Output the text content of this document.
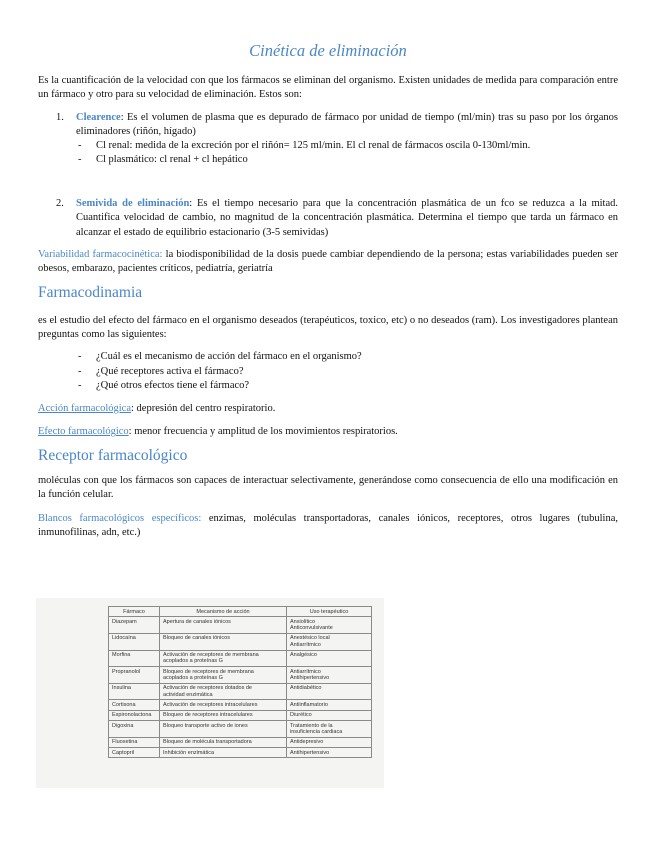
Cinética de eliminación

Es la cuantificación de la velocidad con que los fármacos se eliminan del organismo. Existen unidades de medida para comparación entre un fármaco y otro para su velocidad de eliminación. Estos son:

1. Clearence: Es el volumen de plasma que es depurado de fármaco por unidad de tiempo (ml/min) tras su paso por los órganos eliminadores (riñón, hígado)
- Cl renal: medida de la excreción por el riñón= 125 ml/min. El cl renal de fármacos oscila 0-130ml/min.
- Cl plasmático: cl renal + cl hepático
2. Semivida de eliminación: Es el tiempo necesario para que la concentración plasmática de un fco se reduzca a la mitad. Cuantifica velocidad de cambio, no magnitud de la concentración plasmática. Determina el tiempo que tarda un fármaco en alcanzar el estado de equilibrio estacionario (3-5 semividas)

Variabilidad farmacocinética: la biodisponibilidad de la dosis puede cambiar dependiendo de la persona; estas variabilidades pueden ser obesos, embarazo, pacientes críticos, pediatría, geriatría

Farmacodinamia

es el estudio del efecto del fármaco en el organismo deseados (terapéuticos, toxico, etc) o no deseados (ram). Los investigadores plantean preguntas como las siguientes:

- ¿Cuál es el mecanismo de acción del fármaco en el organismo?
- ¿Qué receptores activa el fármaco?
- ¿Qué otros efectos tiene el fármaco?

Acción farmacológica: depresión del centro respiratorio.

Efecto farmacológico: menor frecuencia y amplitud de los movimientos respiratorios.

Receptor farmacológico

moléculas con que los fármacos son capaces de interactuar selectivamente, generándose como consecuencia de ello una modificación en la función celular.

Blancos farmacológicos específicos: enzimas, moléculas transportadoras, canales iónicos, receptores, otros lugares (tubulina, inmunofilinas, adn, etc.)

Fármaco	Mecanismo de acción	Uso terapéutico
Diazepam	Apertura de canales iónicos	Ansiolítico
Anticonvulsivante
Lidocaína	Bloqueo de canales iónicos	Anestésico local
Antiarrítmico
Morfina	Activación de receptores de membrana
acoplados a proteínas G	Analgésico
Propranolol	Bloqueo de receptores de membrana
acoplados a proteínas G	Antiarrítmico
Antihipertensivo
Insulina	Activación de receptores dotados de
actividad enzimática	Antidiabético
Cortisona	Activación de receptores intracelulares	Antiinflamatorio
Espironolactona	Bloqueo de receptores intracelulares	Diurético
Digoxina	Bloqueo transporte activo de iones	Tratamiento de la
insuficiencia cardiaca
Fluoxetina	Bloqueo de molécula transportadora	Antidepresivo
Captopril	Inhibición enzimática	Antihipertensivo
